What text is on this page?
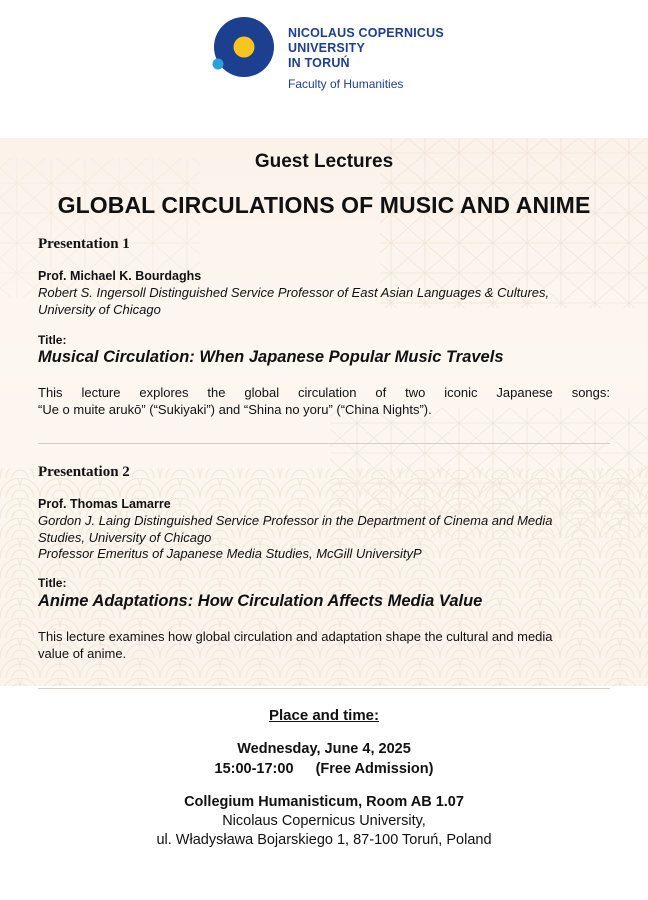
NICOLAUS COPERNICUS
UNIVERSITY
IN TORUŃ
Faculty of Humanities
Guest Lectures
GLOBAL CIRCULATIONS OF MUSIC AND ANIME
Presentation 1
Prof. Michael K. Bourdaghs
Robert S. Ingersoll Distinguished Service Professor of East Asian Languages & Cultures,
University of Chicago
Title:
Musical Circulation: When Japanese Popular Music Travels
This lecture explores the global circulation of two iconic Japanese songs:
“Ue o muite arukō” (“Sukiyaki”) and “Shina no yoru” (“China Nights”).
Presentation 2
Prof. Thomas Lamarre
Gordon J. Laing Distinguished Service Professor in the Department of Cinema and Media
Studies, University of Chicago
Professor Emeritus of Japanese Media Studies, McGill UniversityP
Title:
Anime Adaptations: How Circulation Affects Media Value
This lecture examines how global circulation and adaptation shape the cultural and media
value of anime.
Place and time:
Wednesday, June 4, 2025
15:00-17:00 (Free Admission)
Collegium Humanisticum, Room AB 1.07
Nicolaus Copernicus University,
ul. Władysława Bojarskiego 1, 87-100 Toruń, Poland
